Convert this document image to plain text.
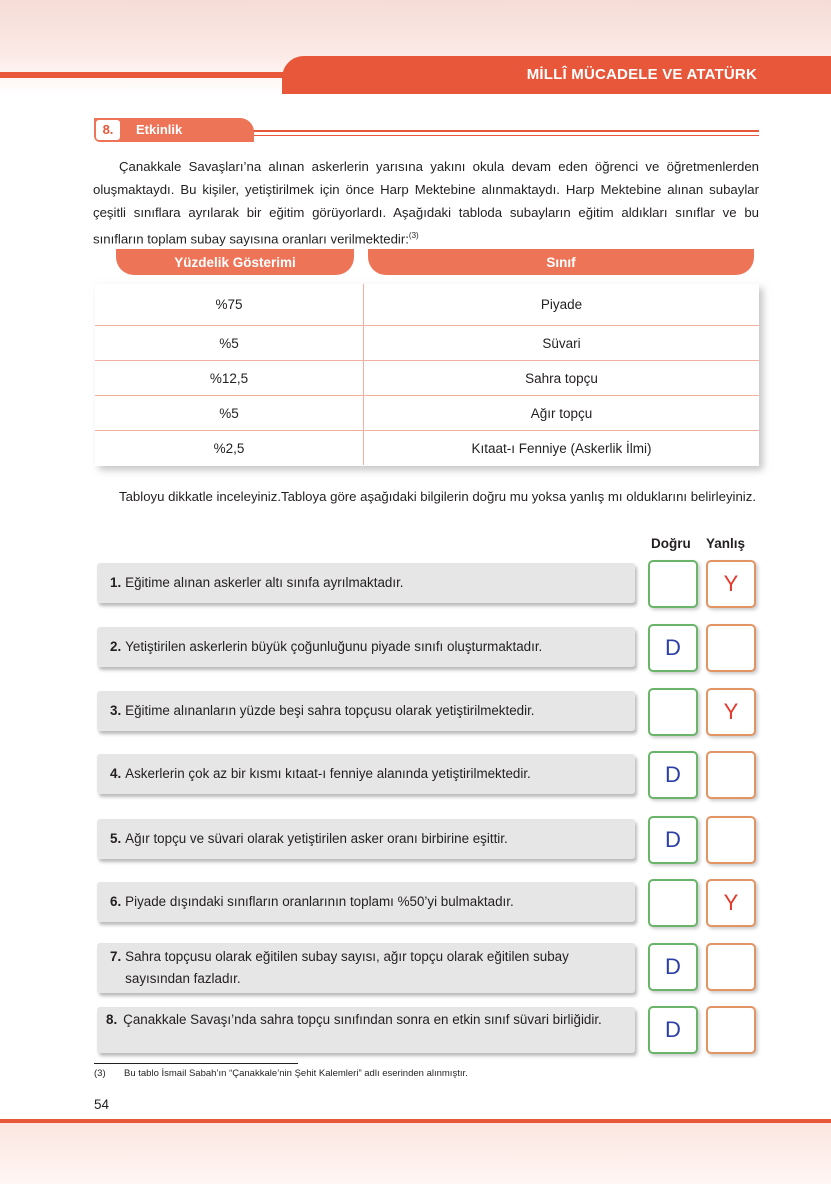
MİLLÎ MÜCADELE VE ATATÜRK
8.	Etkinlik
Çanakkale Savaşları’na alınan askerlerin yarısına yakını okula devam eden öğrenci ve öğretmenlerden oluşmaktaydı. Bu kişiler, yetiştirilmek için önce Harp Mektebine alınmaktaydı. Harp Mektebine alınan subaylar çeşitli sınıflara ayrılarak bir eğitim görüyorlardı. Aşağıdaki tabloda subayların eğitim aldıkları sınıflar ve bu sınıfların toplam subay sayısına oranları verilmektedir:$^{(3)}$
Yüzdelik Gösterimi	Sınıf
%75	Piyade
%5	Süvari
%12,5	Sahra topçu
%5	Ağır topçu
%2,5	Kıtaat-ı Fenniye (Askerlik İlmi)
Tabloyu dikkatle inceleyiniz.Tabloya göre aşağıdaki bilgilerin doğru mu yoksa yanlış mı olduklarını belirleyiniz.
Doğru Yanlış
1. Eğitime alınan askerler altı sınıfa ayrılmaktadır.	Y
2. Yetiştirilen askerlerin büyük çoğunluğunu piyade sınıfı oluşturmaktadır.	D
3. Eğitime alınanların yüzde beşi sahra topçusu olarak yetiştirilmektedir.	Y
4. Askerlerin çok az bir kısmı kıtaat-ı fenniye alanında yetiştirilmektedir.	D
5. Ağır topçu ve süvari olarak yetiştirilen asker oranı birbirine eşittir.	D
6. Piyade dışındaki sınıfların oranlarının toplamı %50’yi bulmaktadır.	Y
7. Sahra topçusu olarak eğitilen subay sayısı, ağır topçu olarak eğitilen subay sayısından fazladır.	D
8. Çanakkale Savaşı’nda sahra topçu sınıfından sonra en etkin sınıf süvari birliğidir.	D
(3) Bu tablo İsmail Sabah’ın “Çanakkale’nin Şehit Kalemleri” adlı eserinden alınmıştır.
54
